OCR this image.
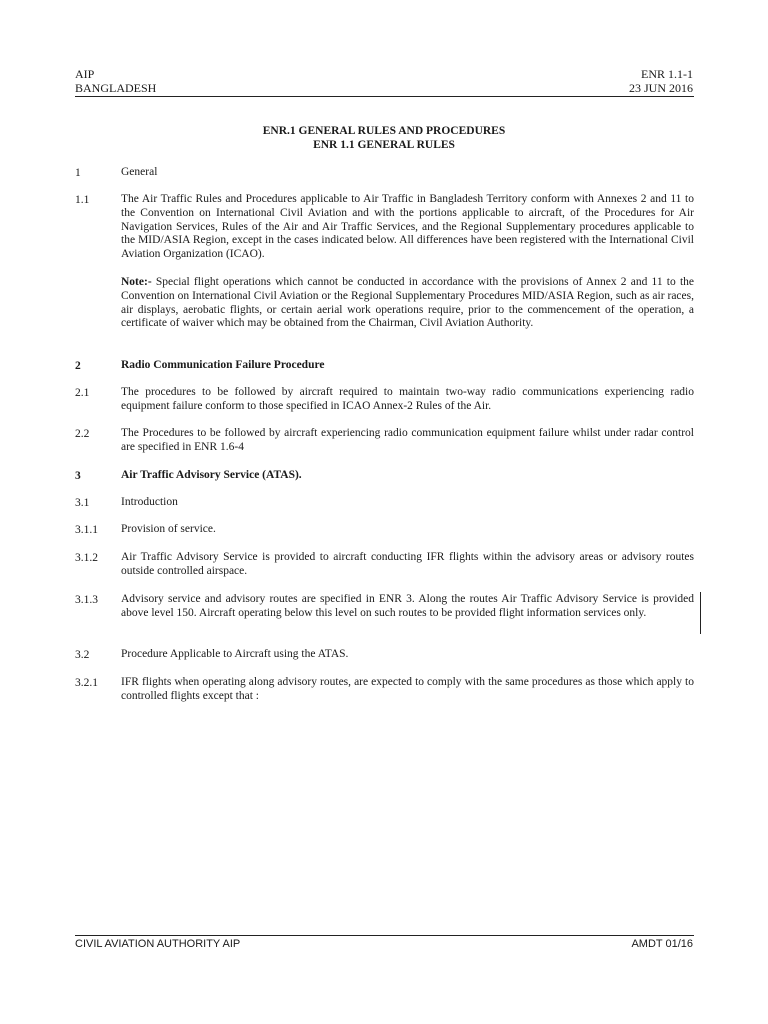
AIP
BANGLADESH
ENR 1.1-1
23 JUN 2016
ENR.1 GENERAL RULES AND PROCEDURES
ENR 1.1 GENERAL RULES
1	General
1.1	The Air Traffic Rules and Procedures applicable to Air Traffic in Bangladesh Territory conform with Annexes 2 and 11 to the Convention on International Civil Aviation and with the portions applicable to aircraft, of the Procedures for Air Navigation Services, Rules of the Air and Air Traffic Services, and the Regional Supplementary procedures applicable to the MID/ASIA Region, except in the cases indicated below. All differences have been registered with the International Civil Aviation Organization (ICAO).
Note:- Special flight operations which cannot be conducted in accordance with the provisions of Annex 2 and 11 to the Convention on International Civil Aviation or the Regional Supplementary Procedures MID/ASIA Region, such as air races, air displays, aerobatic flights, or certain aerial work operations require, prior to the commencement of the operation, a certificate of waiver which may be obtained from the Chairman, Civil Aviation Authority.
2	Radio Communication Failure Procedure
2.1	The procedures to be followed by aircraft required to maintain two-way radio communications experiencing radio equipment failure conform to those specified in ICAO Annex-2 Rules of the Air.
2.2	The Procedures to be followed by aircraft experiencing radio communication equipment failure whilst under radar control are specified in ENR 1.6-4
3	Air Traffic Advisory Service (ATAS).
3.1	Introduction
3.1.1 Provision of service.
3.1.2 Air Traffic Advisory Service is provided to aircraft conducting IFR flights within the advisory areas or advisory routes outside controlled airspace.
3.1.3 Advisory service and advisory routes are specified in ENR 3. Along the routes Air Traffic Advisory Service is provided above level 150. Aircraft operating below this level on such routes to be provided flight information services only.
3.2	Procedure Applicable to Aircraft using the ATAS.
3.2.1 IFR flights when operating along advisory routes, are expected to comply with the same procedures as those which apply to controlled flights except that :
CIVIL AVIATION AUTHORITY AIP	AMDT 01/16
